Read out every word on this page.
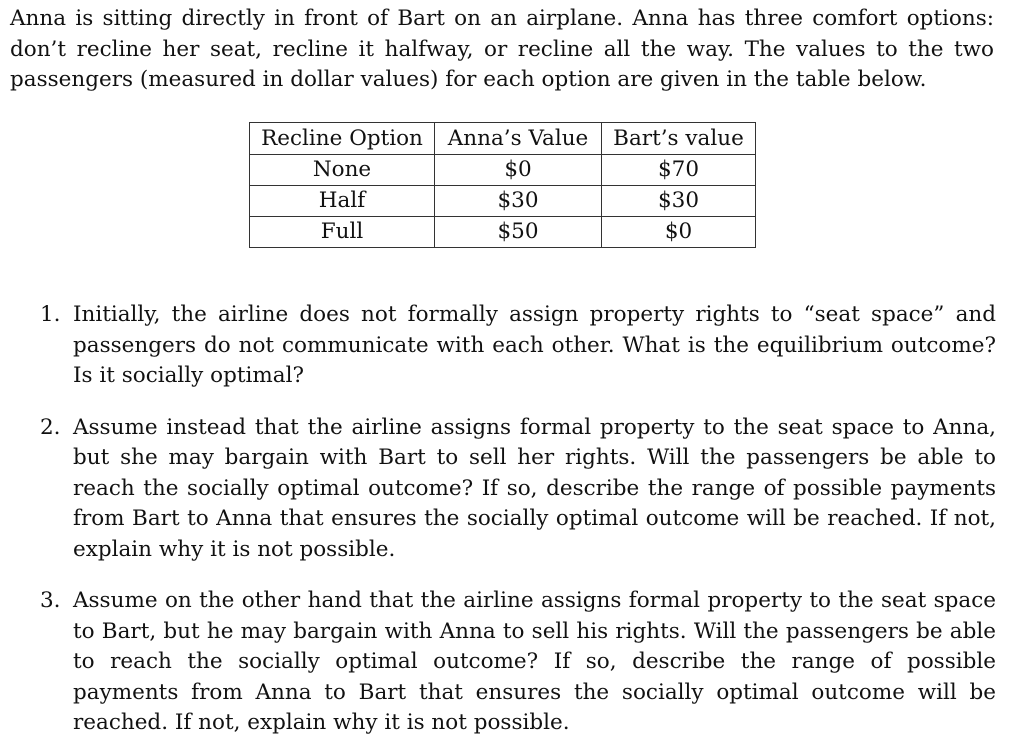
Anna is sitting directly in front of Bart on an airplane. Anna has three comfort options: don’t recline her seat, recline it halfway, or recline all the way. The values to the two passengers (measured in dollar values) for each option are given in the table below.

Recline Option	Anna’s Value	Bart’s value
None	$0	$70
Half	$30	$30
Full	$50	$0
1. Initially, the airline does not formally assign property rights to “seat space” and passengers do not communicate with each other. What is the equilibrium outcome? Is it socially optimal?
2. Assume instead that the airline assigns formal property to the seat space to Anna, but she may bargain with Bart to sell her rights. Will the passengers be able to reach the socially optimal outcome? If so, describe the range of possible payments from Bart to Anna that ensures the socially optimal outcome will be reached. If not, explain why it is not possible.
3. Assume on the other hand that the airline assigns formal property to the seat space to Bart, but he may bargain with Anna to sell his rights. Will the passengers be able to reach the socially optimal outcome? If so, describe the range of possible payments from Anna to Bart that ensures the socially optimal outcome will be reached. If not, explain why it is not possible.
